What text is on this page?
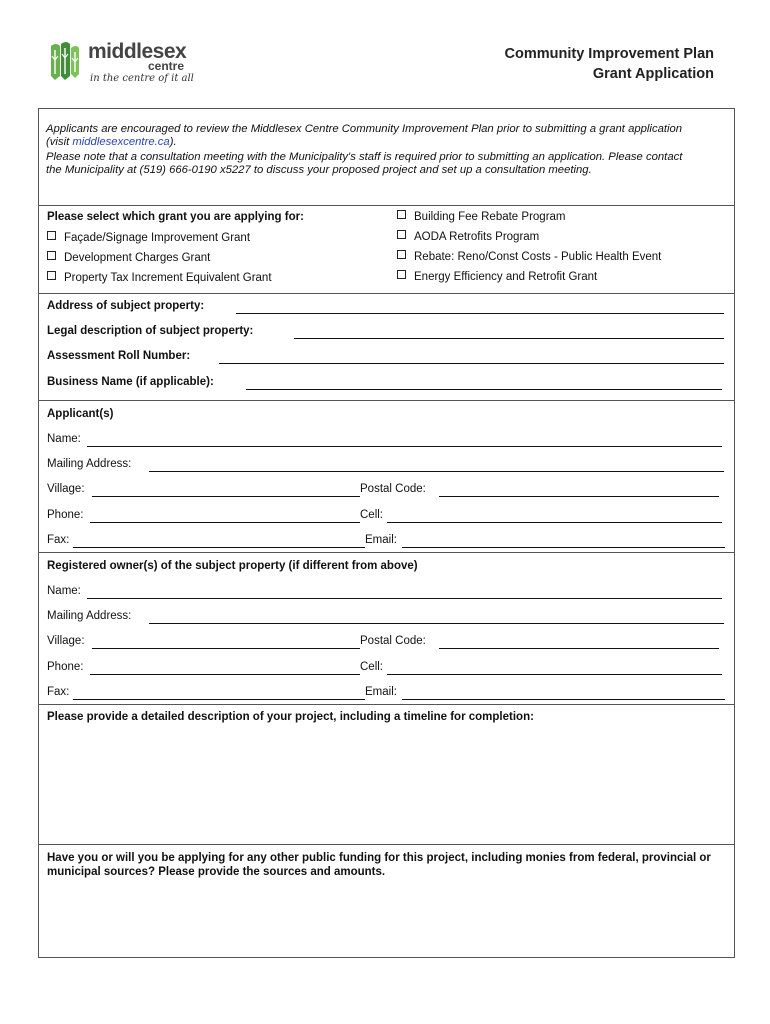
middlesex
centre
in the centre of it all
Community Improvement Plan
Grant Application

Applicants are encouraged to review the Middlesex Centre Community Improvement Plan prior to submitting a grant application (visit middlesexcentre.ca).

Please note that a consultation meeting with the Municipality's staff is required prior to submitting an application. Please contact the Municipality at (519) 666-0190 x5227 to discuss your proposed project and set up a consultation meeting.

Please select which grant you are applying for:
Façade/Signage Improvement Grant
Development Charges Grant
Property Tax Increment Equivalent Grant
Building Fee Rebate Program
AODA Retrofits Program
Rebate: Reno/Const Costs - Public Health Event
Energy Efficiency and Retrofit Grant
Address of subject property:
Legal description of subject property:
Assessment Roll Number:
Business Name (if applicable):
Applicant(s)
Name:
Mailing Address:
Village:	Postal Code:
Phone:	Cell:
Fax:	Email:
Registered owner(s) of the subject property (if different from above)
Name:
Mailing Address:
Village:	Postal Code:
Phone:	Cell:
Fax:	Email:
Please provide a detailed description of your project, including a timeline for completion:
Have you or will you be applying for any other public funding for this project, including monies from federal, provincial or municipal sources? Please provide the sources and amounts.
